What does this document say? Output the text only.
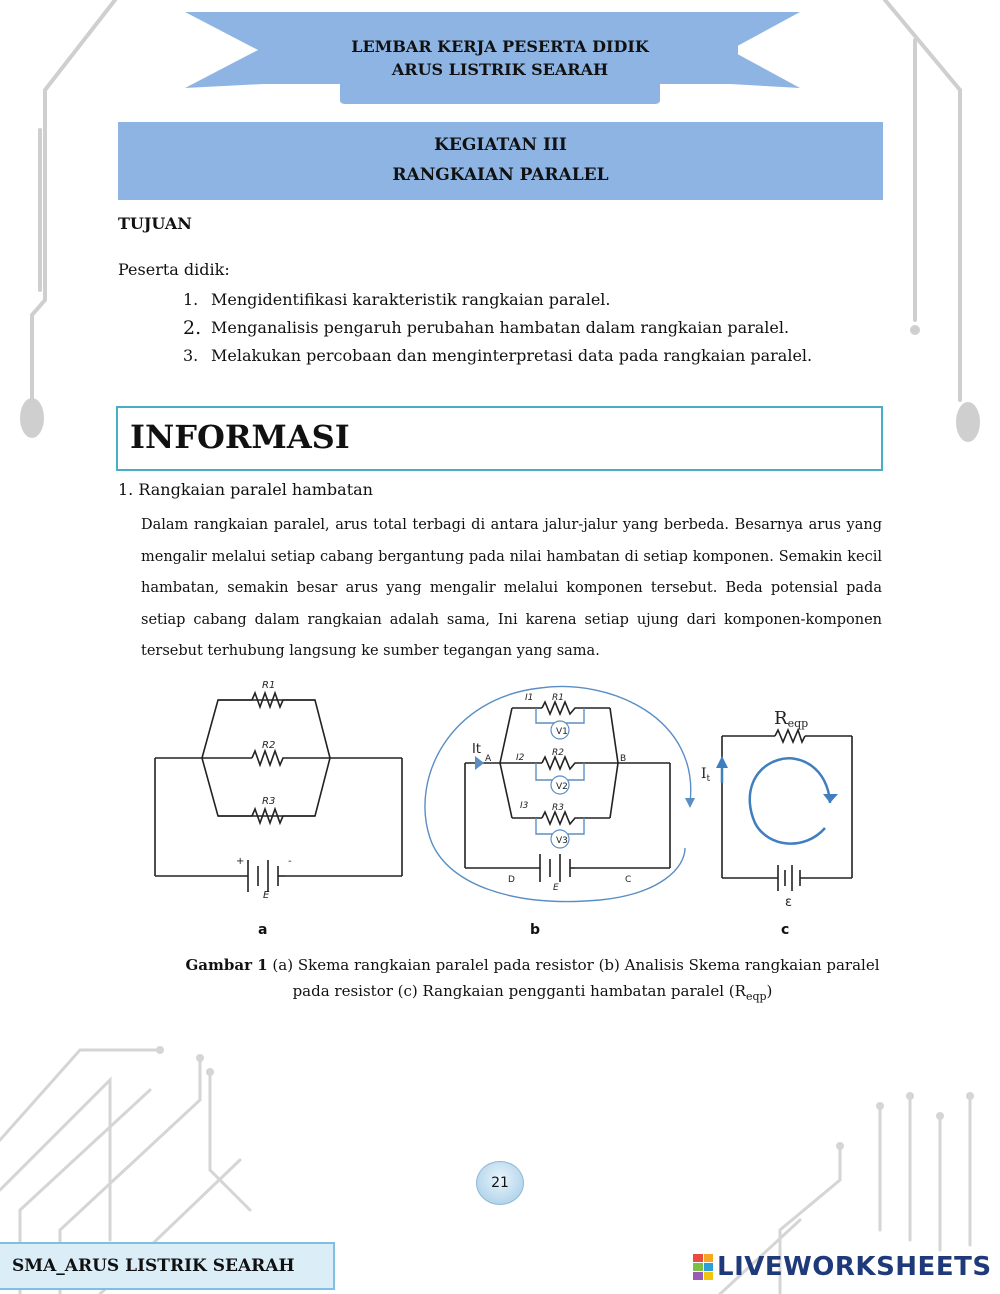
LEMBAR KERJA PESERTA DIDIK
ARUS LISTRIK SEARAH
KEGIATAN III
RANGKAIAN PARALEL
TUJUAN
Peserta didik:
1. Mengidentifikasi karakteristik rangkaian paralel.
2. Menganalisis pengaruh perubahan hambatan dalam rangkaian paralel.
3. Melakukan percobaan dan menginterpretasi data pada rangkaian paralel.
INFORMASI
1. Rangkaian paralel hambatan
Dalam rangkaian paralel, arus total terbagi di antara jalur-jalur yang berbeda. Besarnya arus yang mengalir melalui setiap cabang bergantung pada nilai hambatan di setiap komponen. Semakin kecil hambatan, semakin besar arus yang mengalir melalui komponen tersebut. Beda potensial pada setiap cabang dalam rangkaian adalah sama, Ini karena setiap ujung dari komponen-komponen tersebut terhubung langsung ke sumber tegangan yang sama.
R1
R2
R3
E
+	-
V1
V2
V3
A	B
C
D
E
I1
I2
I3
R1
R2
R3
It
Reqp
$I_t$
ε
a	b	c
Gambar 1 (a) Skema rangkaian paralel pada resistor (b) Analisis Skema rangkaian paralel pada resistor (c) Rangkaian pengganti hambatan paralel $(R_{eqp})$
21
SMA_ARUS LISTRIK SEARAH	LIVEWORKSHEETS
